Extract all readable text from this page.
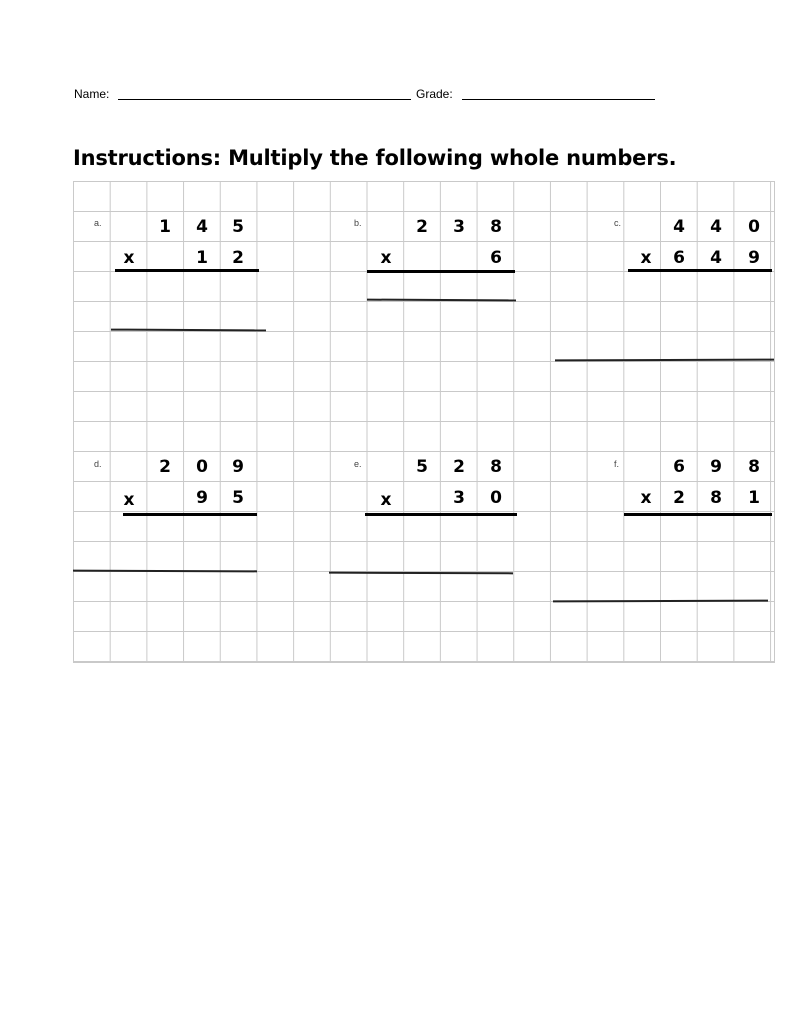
Name:	Grade:
Instructions: Multiply the following whole numbers.
a.	1	4	5
x	1	2
b.	2	3	8
x	6
c.	4	4	0
x	6	4	9
d.	2	0	9
x	9	5
e.	5	2	8
x	3	0
f.	6	9	8
x	2	8	1
